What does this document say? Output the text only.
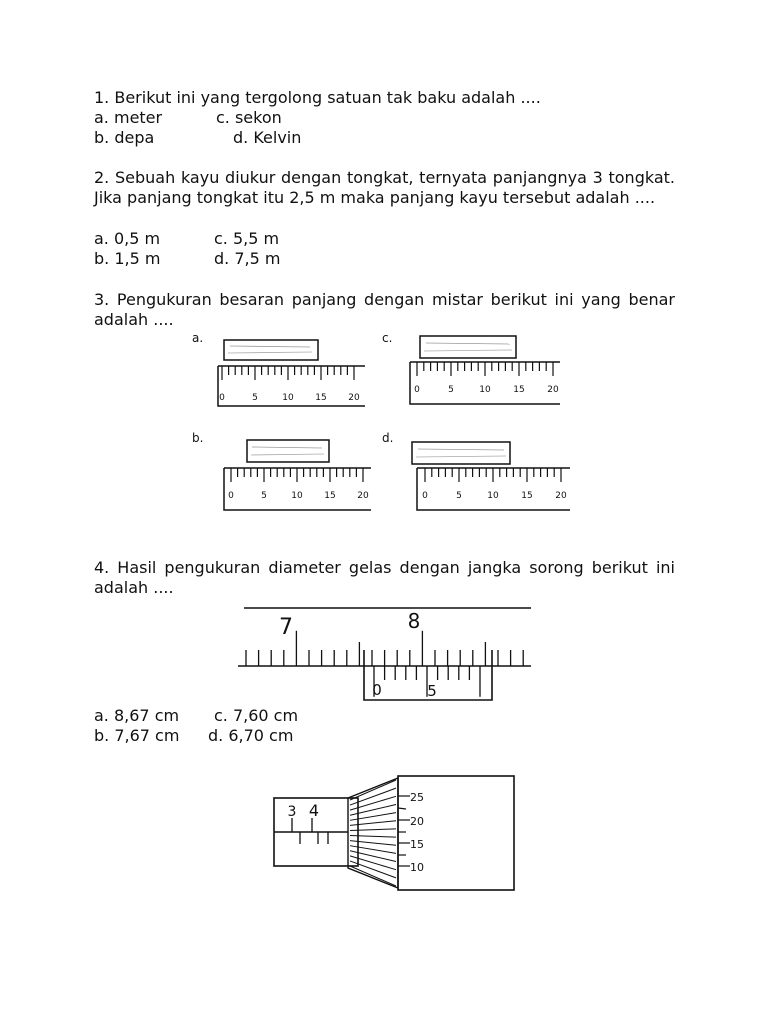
1. Berikut ini yang tergolong satuan tak baku adalah ....
a. meter	c. sekon
b. depa	d. Kelvin
2. Sebuah kayu diukur dengan tongkat, ternyata panjangnya 3 tongkat. Jika panjang tongkat itu 2,5 m maka panjang kayu tersebut adalah ....
a. 0,5 m	c. 5,5 m
b. 1,5 m	d. 7,5 m
3. Pengukuran besaran panjang dengan mistar berikut ini yang benar adalah ....
a.
0	5	10 15 20
c.
0	5	10	15	20
b.
0	5	10 15 20
d.
0	5	10	15	20
4. Hasil pengukuran diameter gelas dengan jangka sorong berikut ini adalah ....
7	8
0	5
a. 8,67 cm c. 7,60 cm
b. 7,67 cm d. 6,70 cm
3 4
25
20
15
10
